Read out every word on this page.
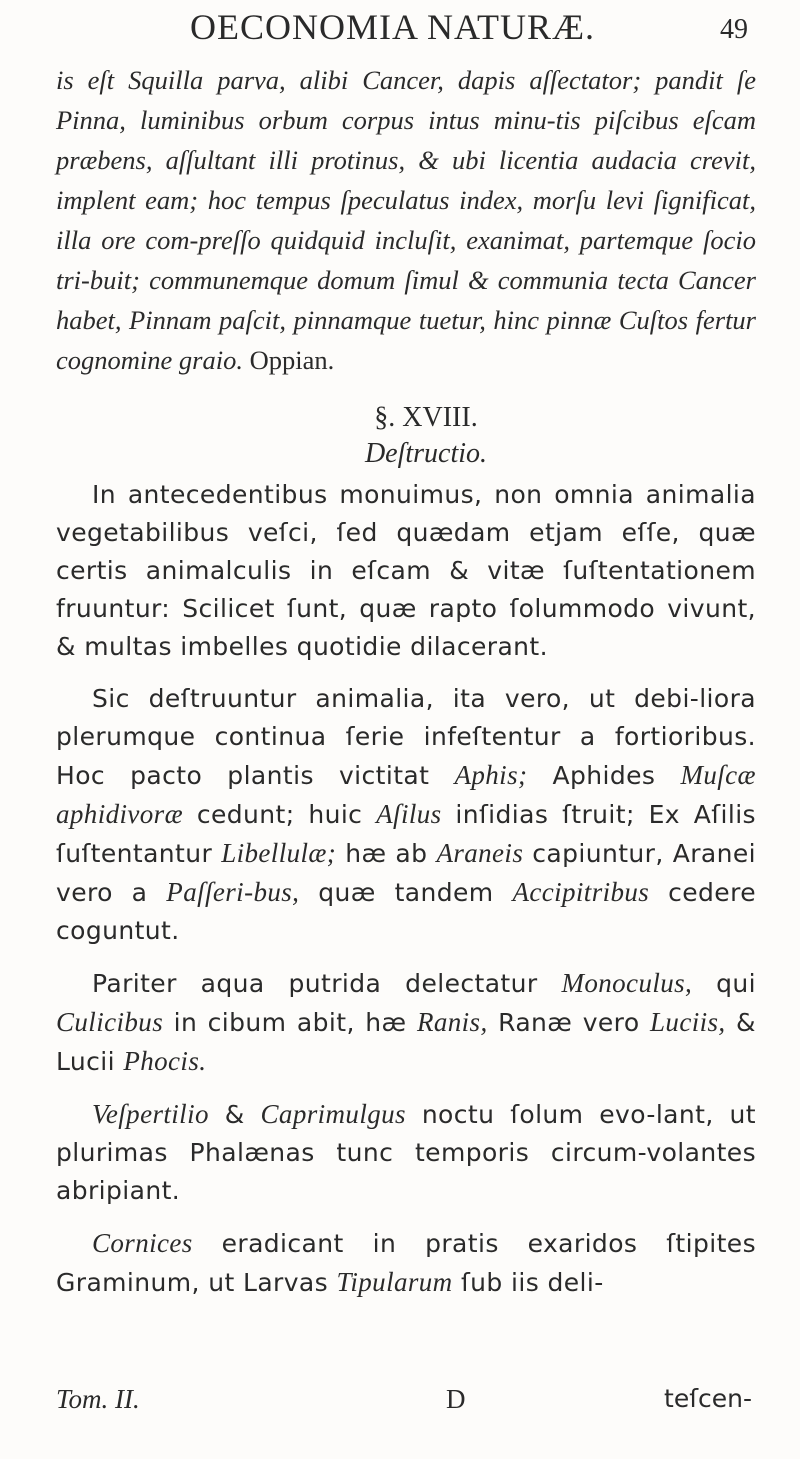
OECONOMIA NATURÆ.	49

is eſt Squilla parva, alibi Cancer, dapis aſſectator; pandit ſe Pinna, luminibus orbum corpus intus minu-tis piſcibus eſcam præbens, aſſultant illi protinus, & ubi licentia audacia crevit, implent eam; hoc tempus ſpeculatus index, morſu levi ſignificat, illa ore com-preſſo quidquid incluſit, exanimat, partemque ſocio tri-buit; communemque domum ſimul & communia tecta Cancer habet, Pinnam paſcit, pinnamque tuetur, hinc pinnæ Cuſtos fertur cognomine graio. Oppian.

§. XVIII.

Deſtructio.

In antecedentibus monuimus, non omnia animalia vegetabilibus veſci, ſed quædam etjam eſſe, quæ certis animalculis in eſcam & vitæ ſuſtentationem fruuntur: Scilicet ſunt, quæ rapto ſolummodo vivunt, & multas imbelles quotidie dilacerant.

Sic deſtruuntur animalia, ita vero, ut debi-liora plerumque continua ſerie infeſtentur a fortioribus. Hoc pacto plantis victitat Aphis; Aphides Muſcæ aphidivoræ cedunt; huic Aſilus inſidias ſtruit; Ex Aſilis ſuſtentantur Libellulæ; hæ ab Araneis capiuntur, Aranei vero a Paſſeri-bus, quæ tandem Accipitribus cedere coguntut.

Pariter aqua putrida delectatur Monoculus, qui Culicibus in cibum abit, hæ Ranis, Ranæ vero Luciis, & Lucii Phocis.

Veſpertilio & Caprimulgus noctu ſolum evo-lant, ut plurimas Phalænas tunc temporis circum-volantes abripiant.

Cornices eradicant in pratis exaridos ſtipites Graminum, ut Larvas Tipularum ſub iis deli-

Tom. II.	D	teſcen-
